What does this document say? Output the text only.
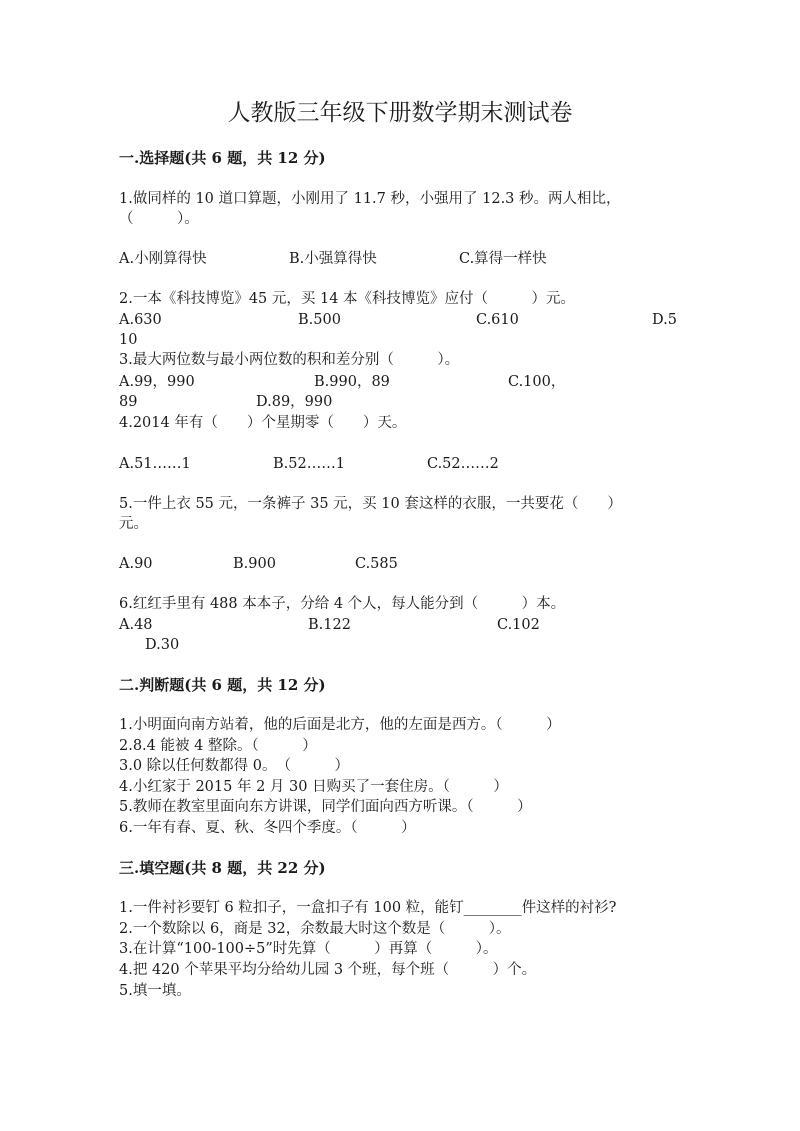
人教版三年级下册数学期末测试卷
一.选择题(共 6 题，共 12 分)
1.做同样的 10 道口算题，小刚用了 11.7 秒，小强用了 12.3 秒。两人相比，
（　　　）。
A.小刚算得快	B.小强算得快	C.算得一样快
2.一本《科技博览》45 元，买 14 本《科技博览》应付（　　　）元。
A.630	B.500	C.610	D.5
10
3.最大两位数与最小两位数的积和差分别（　　　）。
A.99，990	B.990，89	C.100，
89	D.89，990
4.2014 年有（　　）个星期零（　　）天。
A.51……1	B.52……1	C.52……2
5.一件上衣 55 元，一条裤子 35 元，买 10 套这样的衣服，一共要花（　　）
元。
A.90	B.900	C.585
6.红红手里有 488 本本子，分给 4 个人，每人能分到（　　　）本。
A.48	B.122	C.102
D.30
二.判断题(共 6 题，共 12 分)
1.小明面向南方站着，他的后面是北方，他的左面是西方。（　　　）
2.8.4 能被 4 整除。（　　　）
3.0 除以任何数都得 0。　（　　　）
4.小红家于 2015 年 2 月 30 日购买了一套住房。（　　　）
5.教师在教室里面向东方讲课，同学们面向西方听课。（　　　）
6.一年有春、夏、秋、冬四个季度。（　　　）
三.填空题(共 8 题，共 22 分)
1.一件衬衫要钉 6 粒扣子，一盒扣子有 100 粒，能钉________件这样的衬衫?
2.一个数除以 6，商是 32，余数最大时这个数是（　　　）。
3.在计算“100-100÷5”时先算（　　　）再算（　　　）。
4.把 420 个苹果平均分给幼儿园 3 个班，每个班（　　　）个。
5.填一填。
